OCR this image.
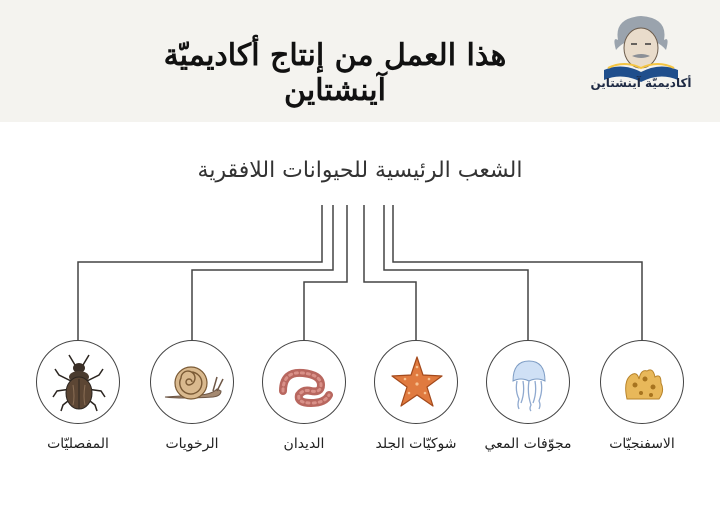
هذا العمل من إنتاج أكاديميّة آينشتاين	أكاديميّة آينشتاين
الشعب الرئيسية للحيوانات اللافقرية
الاسفنجيّات
مجوّفات المعي
شوكيّات الجلد
الديدان
الرخويات
المفصليّات
